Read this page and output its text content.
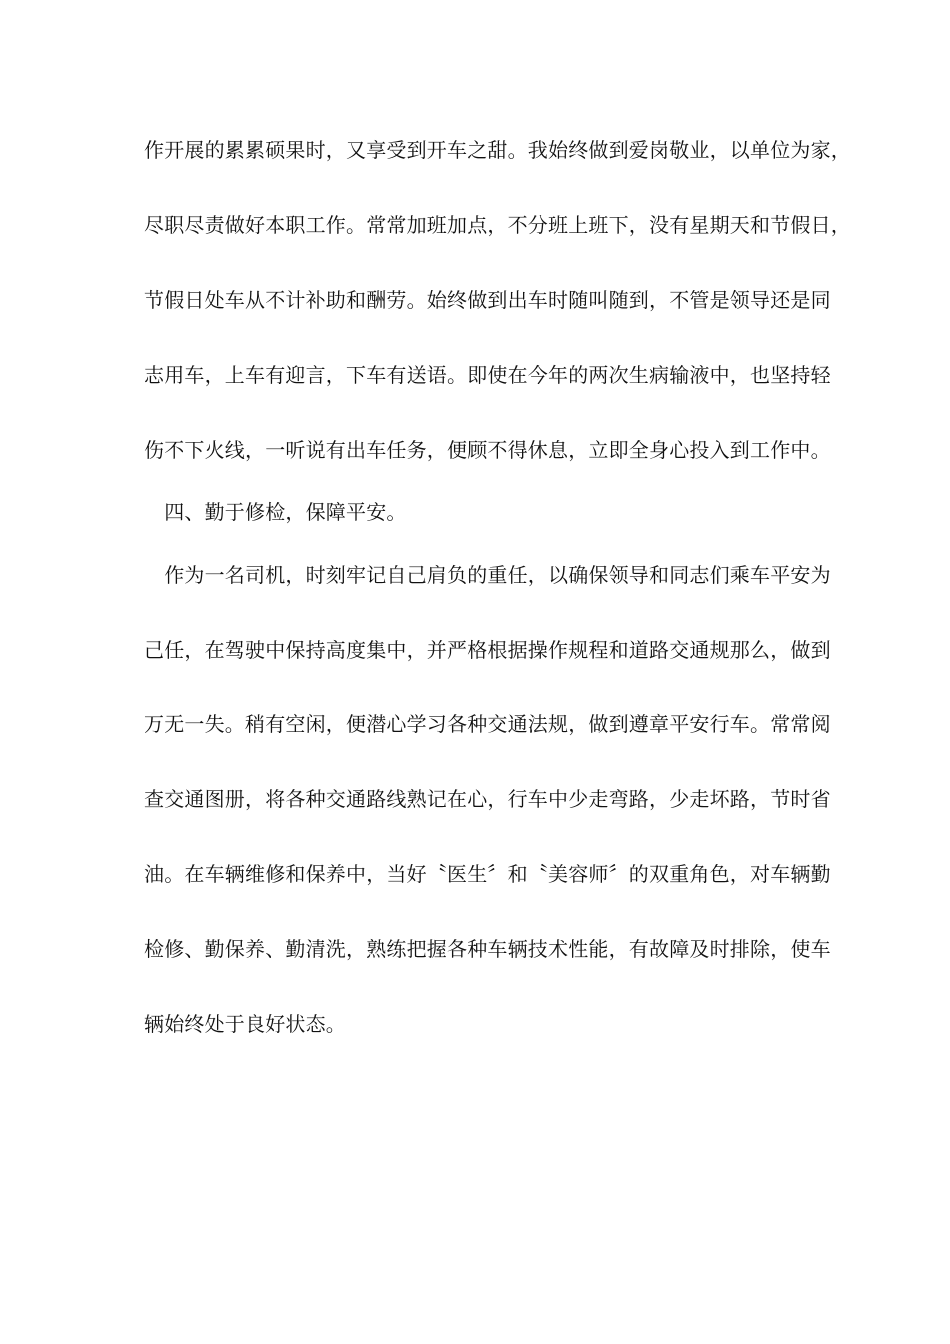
作开展的累累硕果时，又享受到开车之甜。我始终做到爱岗敬业，以单位为家，
尽职尽责做好本职工作。常常加班加点，不分班上班下，没有星期天和节假日，
节假日处车从不计补助和酬劳。始终做到出车时随叫随到，不管是领导还是同
志用车，上车有迎言，下车有送语。即使在今年的两次生病输液中，也坚持轻
伤不下火线，一听说有出车任务，便顾不得休息，立即全身心投入到工作中。
　四、勤于修检，保障平安。
　作为一名司机，时刻牢记自己肩负的重任，以确保领导和同志们乘车平安为
己任，在驾驶中保持高度集中，并严格根据操作规程和道路交通规那么，做到
万无一失。稍有空闲，便潜心学习各种交通法规，做到遵章平安行车。常常阅
查交通图册，将各种交通路线熟记在心，行车中少走弯路，少走坏路，节时省
油。在车辆维修和保养中，当好〝医生〞和〝美容师〞的双重角色，对车辆勤
检修、勤保养、勤清洗，熟练把握各种车辆技术性能，有故障及时排除，使车
辆始终处于良好状态。
